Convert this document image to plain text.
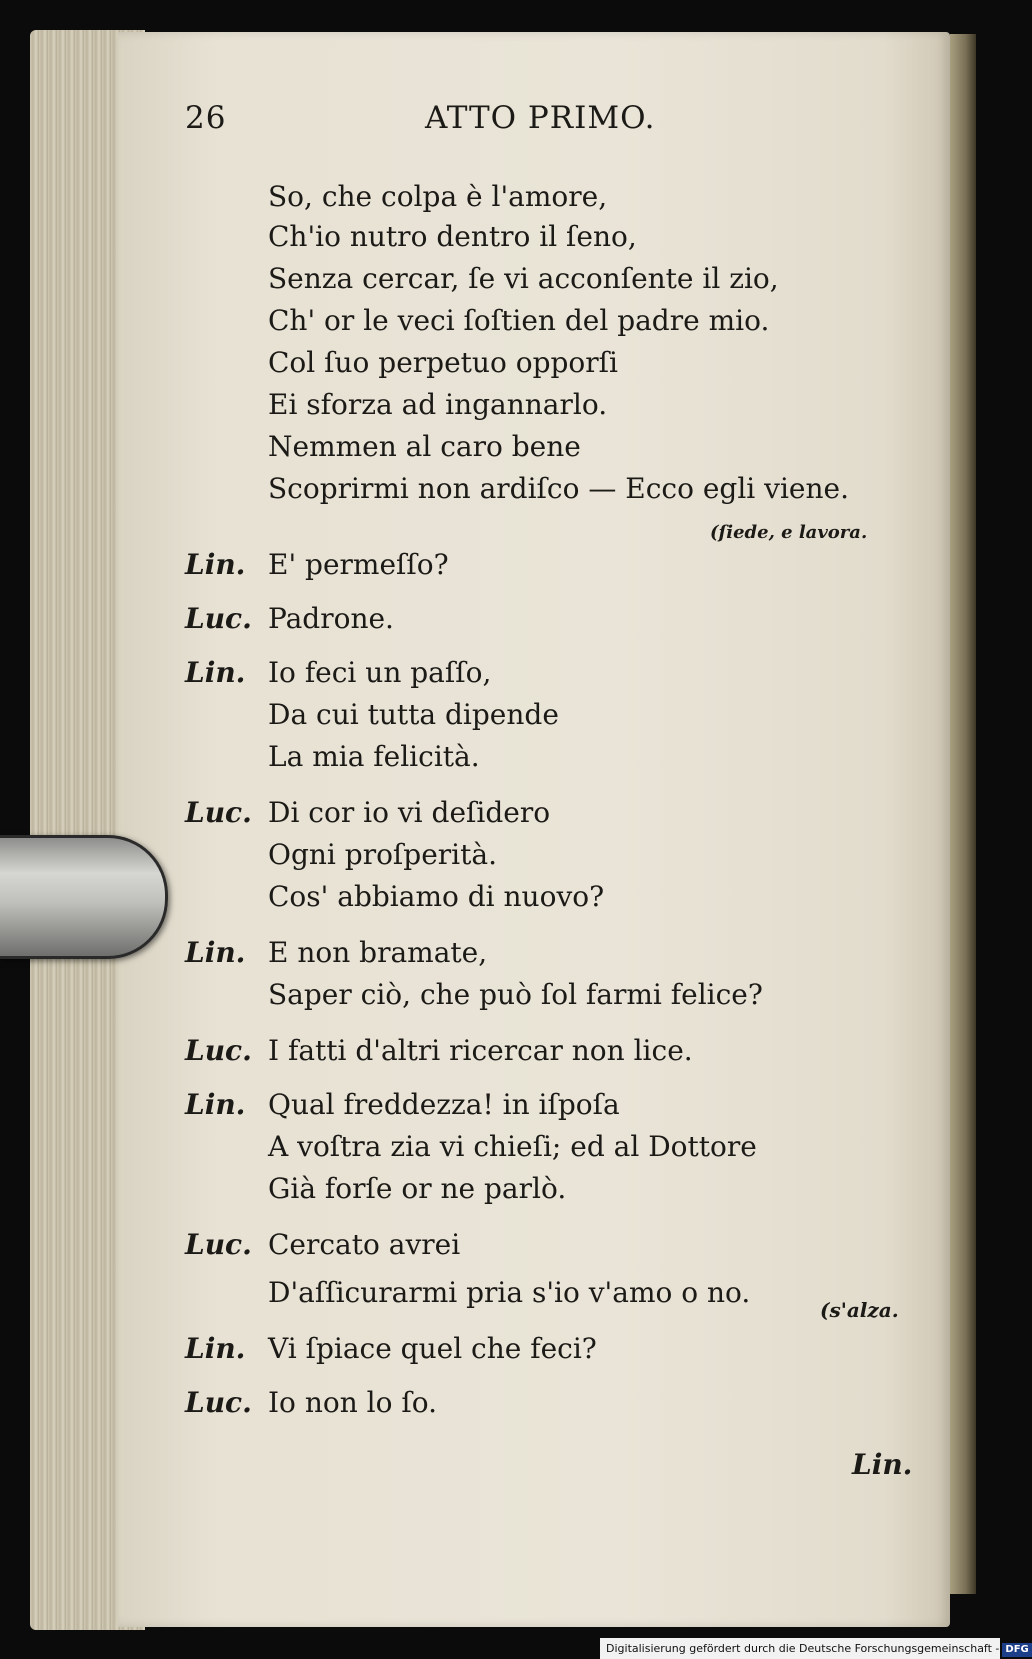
26	ATTO PRIMO.
So, che colpa è l'amore,
Ch'io nutro dentro il ſeno,
Senza cercar, ſe vi acconſente il zio,
Ch' or le veci ſoſtien del padre mio.
Col ſuo perpetuo opporſi
Ei sforza ad ingannarlo.
Nemmen al caro bene
Scoprirmi non ardiſco — Ecco egli viene.
(ſiede, e lavora.
Lin. E' permeſſo?
Luc. Padrone.
Lin. Io feci un paſſo,
Da cui tutta dipende
La mia felicità.
Luc. Di cor io vi deſidero
Ogni proſperità.
Cos' abbiamo di nuovo?
Lin. E non bramate,
Saper ciò, che può ſol farmi felice?
Luc. I fatti d'altri ricercar non lice.
Lin. Qual freddezza! in iſpoſa
A voſtra zia vi chieſi; ed al Dottore
Già forſe or ne parlò.
Luc. Cercato avrei
D'aſſicurarmi pria s'io v'amo o no.
(s'alza.
Lin. Vi ſpiace quel che feci?
Luc. Io non lo ſo.
Lin.
Digitalisierung gefördert durch die Deutsche Forschungsgemeinschaft - DFG
